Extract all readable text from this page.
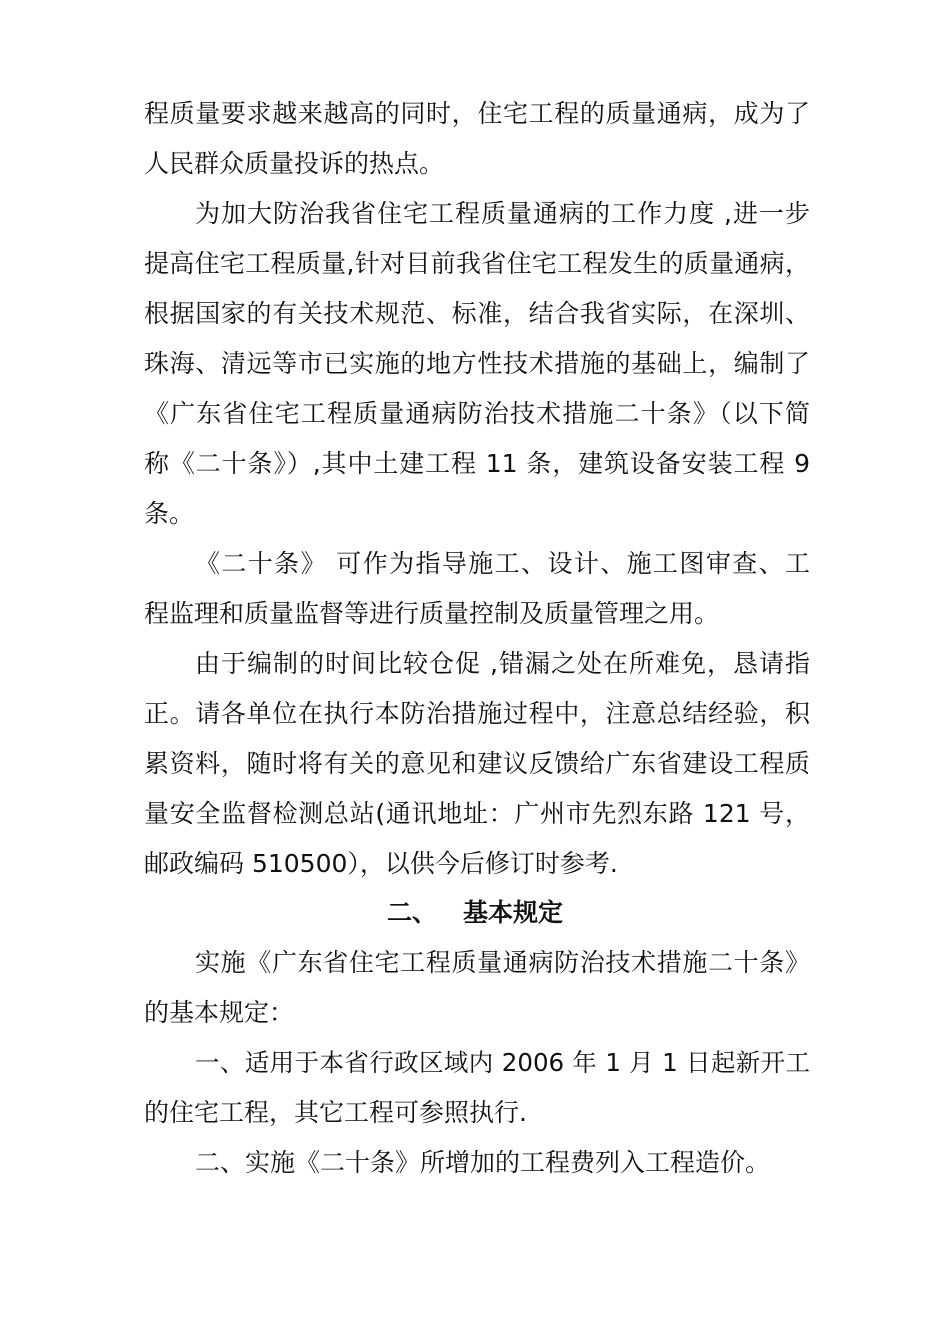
程质量要求越来越高的同时，住宅工程的质量通病，成为了
人民群众质量投诉的热点。
为加大防治我省住宅工程质量通病的工作力度 ,进一步
提高住宅工程质量,针对目前我省住宅工程发生的质量通病，
根据国家的有关技术规范、标准，结合我省实际，在深圳、
珠海、清远等市已实施的地方性技术措施的基础上，编制了
《广东省住宅工程质量通病防治技术措施二十条》（以下简
称《二十条》）,其中土建工程 11 条，建筑设备安装工程 9
条。
《二十条》 可作为指导施工、设计、施工图审查、工
程监理和质量监督等进行质量控制及质量管理之用。
由于编制的时间比较仓促 ,错漏之处在所难免，恳请指
正。请各单位在执行本防治措施过程中，注意总结经验，积
累资料，随时将有关的意见和建议反馈给广东省建设工程质
量安全监督检测总站(通讯地址：广州市先烈东路 121 号，
邮政编码 510500），以供今后修订时参考.
二、   基本规定
实施《广东省住宅工程质量通病防治技术措施二十条》
的基本规定：
一、适用于本省行政区域内 2006 年 1 月 1 日起新开工
的住宅工程，其它工程可参照执行.
二、实施《二十条》所增加的工程费列入工程造价。
